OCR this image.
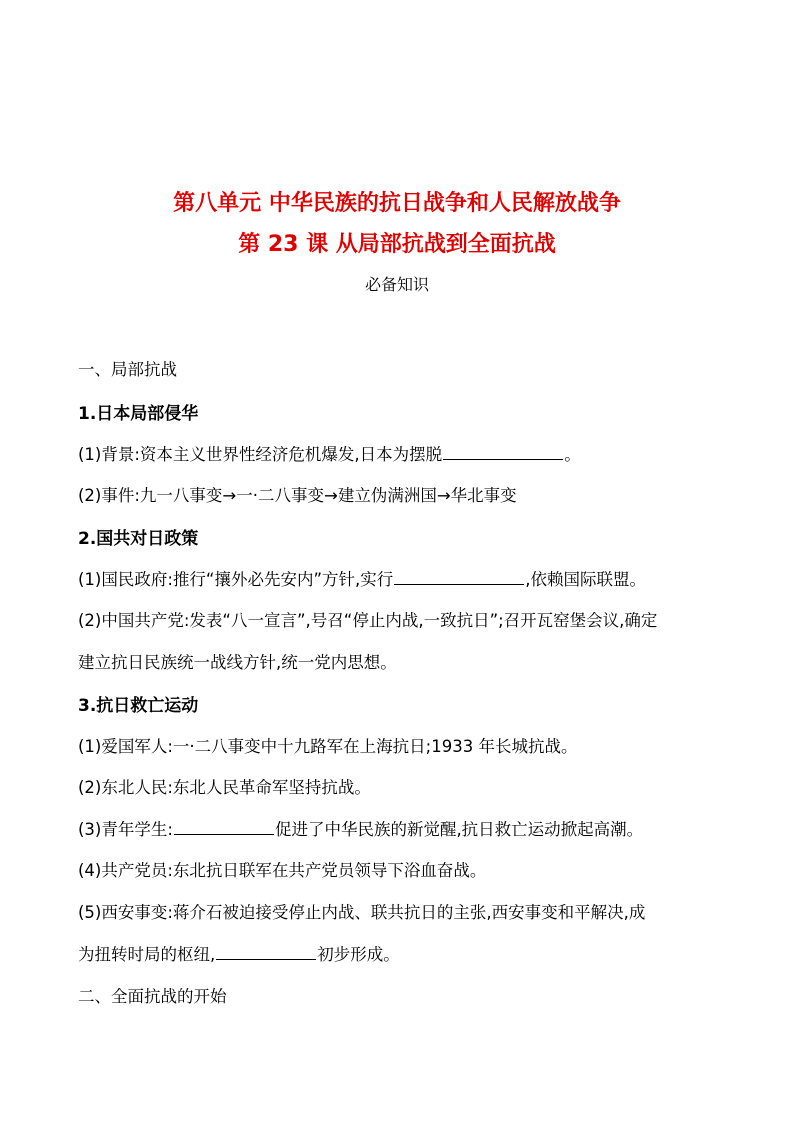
第八单元 中华民族的抗日战争和人民解放战争
第 23 课 从局部抗战到全面抗战
必备知识
一、局部抗战
1.日本局部侵华
(1)背景:资本主义世界性经济危机爆发,日本为摆脱	。
(2)事件:九一八事变→一·二八事变→建立伪满洲国→华北事变
2.国共对日政策
(1)国民政府:推行“攘外必先安内”方针,实行	,依赖国际联盟。
(2)中国共产党:发表“八一宣言”,号召“停止内战,一致抗日”;召开瓦窑堡会议,确定
建立抗日民族统一战线方针,统一党内思想。
3.抗日救亡运动
(1)爱国军人:一·二八事变中十九路军在上海抗日;1933 年长城抗战。
(2)东北人民:东北人民革命军坚持抗战。
(3)青年学生:	促进了中华民族的新觉醒,抗日救亡运动掀起高潮。
(4)共产党员:东北抗日联军在共产党员领导下浴血奋战。
(5)西安事变:蒋介石被迫接受停止内战、联共抗日的主张,西安事变和平解决,成
为扭转时局的枢纽,	初步形成。
二、全面抗战的开始
